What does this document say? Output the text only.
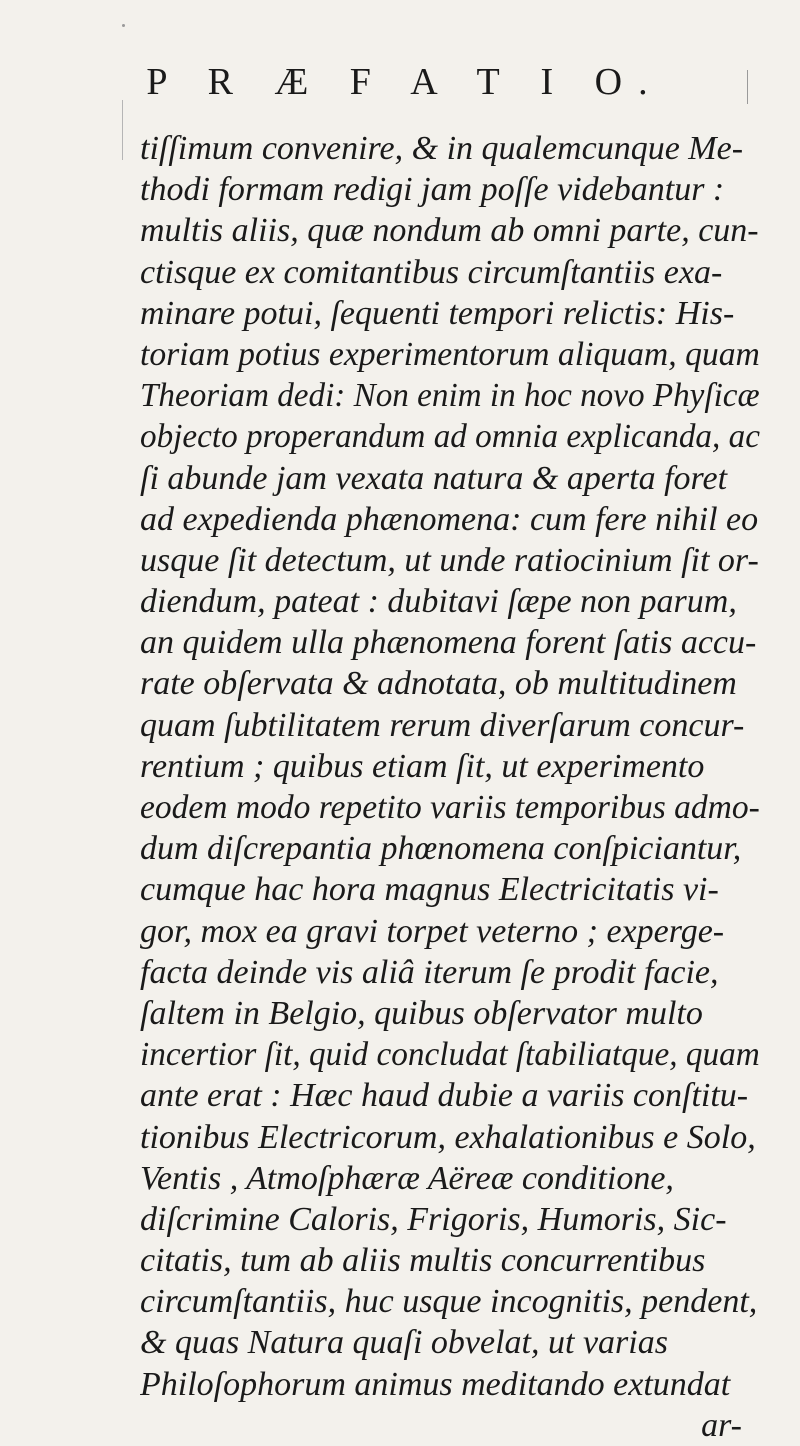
P R Æ F A T I O.
tiſſimum convenire, & in qualemcunque Me-
thodi formam redigi jam poſſe videbantur :
multis aliis, quæ nondum ab omni parte, cun-
ctisque ex comitantibus circumſtantiis exa-
minare potui, ſequenti tempori relictis: His-
toriam potius experimentorum aliquam, quam
Theoriam dedi: Non enim in hoc novo Phyſicæ
objecto properandum ad omnia explicanda, ac
ſi abunde jam vexata natura & aperta foret
ad expedienda phænomena: cum fere nihil eo
usque ſit detectum, ut unde ratiocinium ſit or-
diendum, pateat : dubitavi ſæpe non parum,
an quidem ulla phænomena forent ſatis accu-
rate obſervata & adnotata, ob multitudinem
quam ſubtilitatem rerum diverſarum concur-
rentium ; quibus etiam ſit, ut experimento
eodem modo repetito variis temporibus admo-
dum diſcrepantia phœnomena conſpiciantur,
cumque hac hora magnus Electricitatis vi-
gor, mox ea gravi torpet veterno ; experge-
facta deinde vis aliâ iterum ſe prodit facie,
ſaltem in Belgio, quibus obſervator multo
incertior ſit, quid concludat ſtabiliatque, quam
ante erat : Hæc haud dubie a variis conſtitu-
tionibus Electricorum, exhalationibus e Solo,
Ventis , Atmoſphæræ Aëreæ conditione,
diſcrimine Caloris, Frigoris, Humoris, Sic-
citatis, tum ab aliis multis concurrentibus
circumſtantiis, huc usque incognitis, pendent,
& quas Natura quaſi obvelat, ut varias
Philoſophorum animus meditando extundat
ar-
